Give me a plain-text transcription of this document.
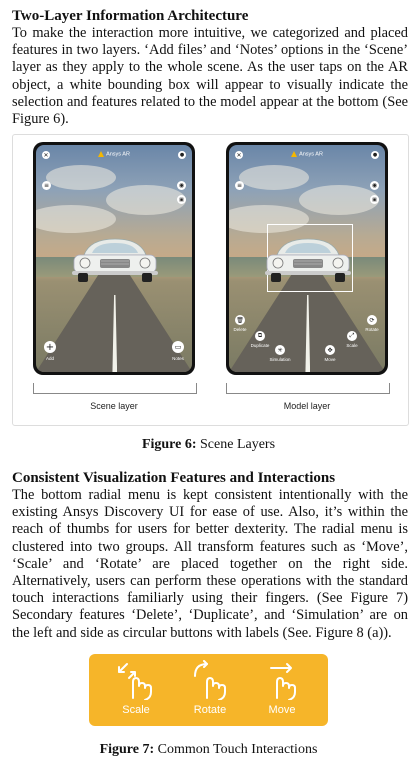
Two-Layer Information Architecture
To make the interaction more intuitive, we categorized and placed features in two layers. ‘Add files’ and ‘Notes’ options in the ‘Scene’ layer as they apply to the whole scene. As the user taps on the AR object, a white bounding box will appear to visually indicate the selection and features related to the model appear at the bottom (See Figure 6).
Ansys AR
✕	●
≡	◉
▣
+
Add
▭
Notes
Ansys AR
✕	●
≡	◉
▣
🗑
Delete
⧉
Duplicate
✳
Simulation
⤢
Scale
⟳
Rotate
✥
Move
Scene layer	Model layer
Figure 6: Scene Layers
Consistent Visualization Features and Interactions
The bottom radial menu is kept consistent intentionally with the existing Ansys Discovery UI for ease of use. Also, it’s within the reach of thumbs for users for better dexterity. The radial menu is clustered into two groups. All transform features such as ‘Move’, ‘Scale’ and ‘Rotate’ are placed together on the right side. Alternatively, users can perform these operations with the standard touch interactions familiarly using their fingers. (See Figure 7) Secondary features ‘Delete’, ‘Duplicate’, and ‘Simulation’ are on the left and side as circular buttons with labels (See. Figure 8 (a)).
Scale	Rotate	Move
Figure 7: Common Touch Interactions
